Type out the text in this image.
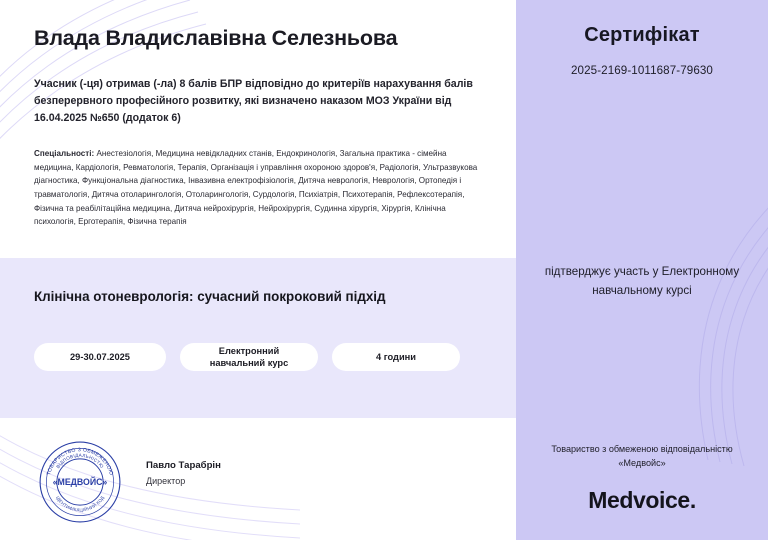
Влада Владиславівна Селезньова

Учасник (-ця) отримав (-ла) 8 балів БПР відповідно до критеріїв нарахування балів безперервного професійного розвитку, які визначено наказом МОЗ України від 16.04.2025 №650 (додаток 6)

Спеціальності: Анестезіологія, Медицина невідкладних станів, Ендокринологія, Загальна практика - сімейна медицина, Кардіологія, Ревматологія, Терапія, Організація і управління охороною здоров'я, Радіологія, Ультразвукова діагностика, Функціональна діагностика, Інвазивна електрофізіологія, Дитяча неврологія, Неврологія, Ортопедія і травматологія, Дитяча отоларингологія, Отоларингологія, Сурдологія, Психіатрія, Психотерапія, Рефлексотерапія, Фізична та реабілітаційна медицина, Дитяча нейрохірургія, Нейрохірургія, Судинна хірургія, Хірургія, Клінічна психологія, Ерготерапія, Фізична терапія
Клінічна отоневрологія: сучасний покроковий підхід
29-30.07.2025
Електронний
навчальний курс
4 години
ТОВАРИСТВО З ОБМЕЖЕНОЮ
ВІДПОВІДАЛЬНІСТЮ
ІДЕНТИФІКАЦІЙНИЙ КОД
«МЕДВОЙС»
Павло Тарабрін
Директор
Сертифікат
2025-2169-1011687-79630
підтверджує участь у Електронному навчальному курсі
Товариство з обмеженою відповідальністю «Медвойс»
Medvoice.
